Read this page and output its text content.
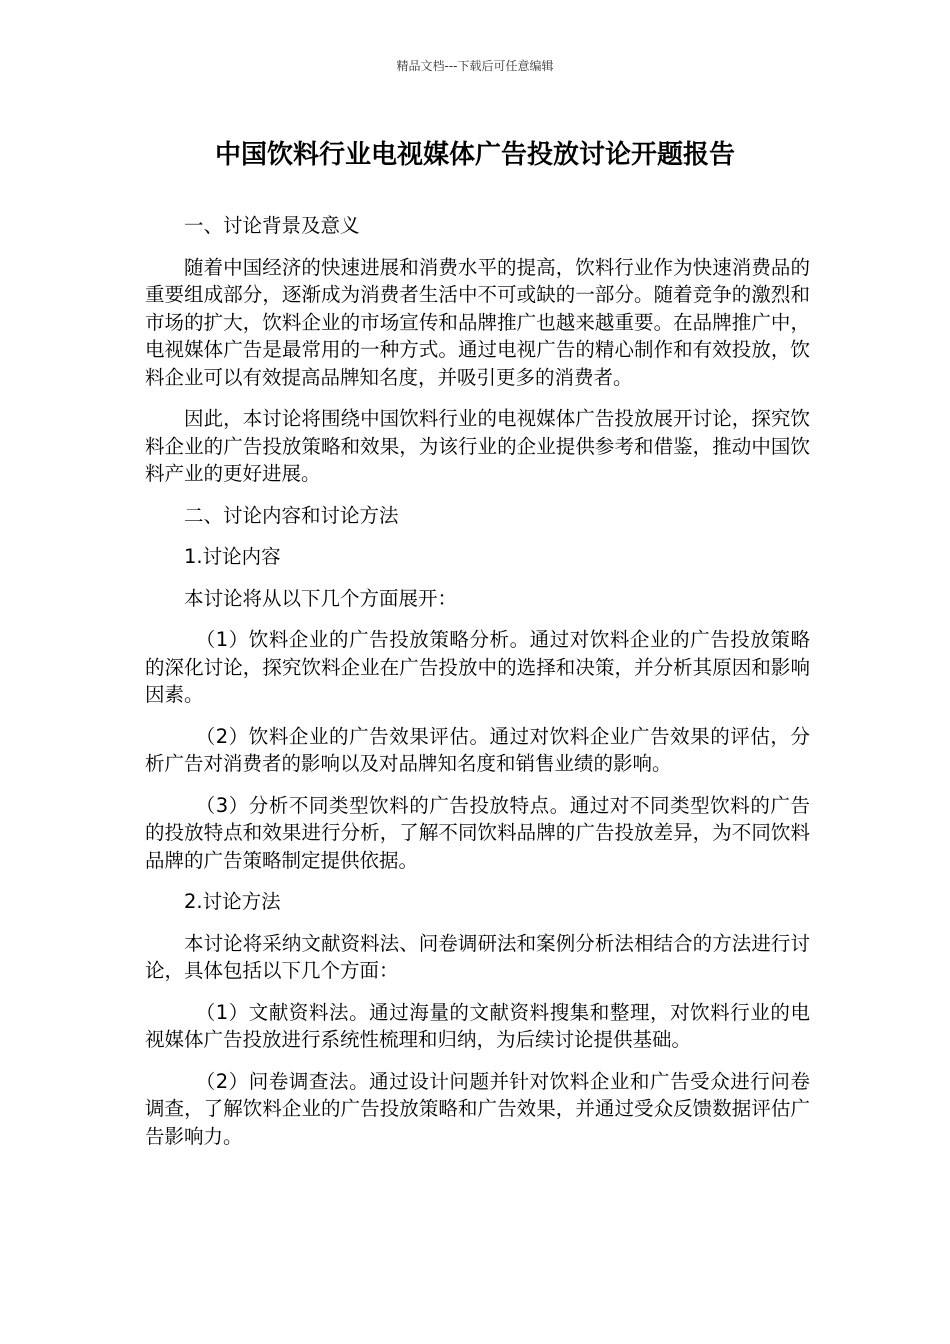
精品文档---下载后可任意编辑
中国饮料行业电视媒体广告投放讨论开题报告

一、讨论背景及意义

随着中国经济的快速进展和消费水平的提高，饮料行业作为快速消费品的重要组成部分，逐渐成为消费者生活中不可或缺的一部分。随着竞争的激烈和市场的扩大，饮料企业的市场宣传和品牌推广也越来越重要。在品牌推广中，电视媒体广告是最常用的一种方式。通过电视广告的精心制作和有效投放，饮料企业可以有效提高品牌知名度，并吸引更多的消费者。

因此，本讨论将围绕中国饮料行业的电视媒体广告投放展开讨论，探究饮料企业的广告投放策略和效果，为该行业的企业提供参考和借鉴，推动中国饮料产业的更好进展。

二、讨论内容和讨论方法

1.讨论内容

本讨论将从以下几个方面展开：

（1）饮料企业的广告投放策略分析。通过对饮料企业的广告投放策略的深化讨论，探究饮料企业在广告投放中的选择和决策，并分析其原因和影响因素。

（2）饮料企业的广告效果评估。通过对饮料企业广告效果的评估，分析广告对消费者的影响以及对品牌知名度和销售业绩的影响。

（3）分析不同类型饮料的广告投放特点。通过对不同类型饮料的广告的投放特点和效果进行分析，了解不同饮料品牌的广告投放差异，为不同饮料品牌的广告策略制定提供依据。

2.讨论方法

本讨论将采纳文献资料法、问卷调研法和案例分析法相结合的方法进行讨论，具体包括以下几个方面：

（1）文献资料法。通过海量的文献资料搜集和整理，对饮料行业的电视媒体广告投放进行系统性梳理和归纳，为后续讨论提供基础。

（2）问卷调查法。通过设计问题并针对饮料企业和广告受众进行问卷调查，了解饮料企业的广告投放策略和广告效果，并通过受众反馈数据评估广告影响力。
